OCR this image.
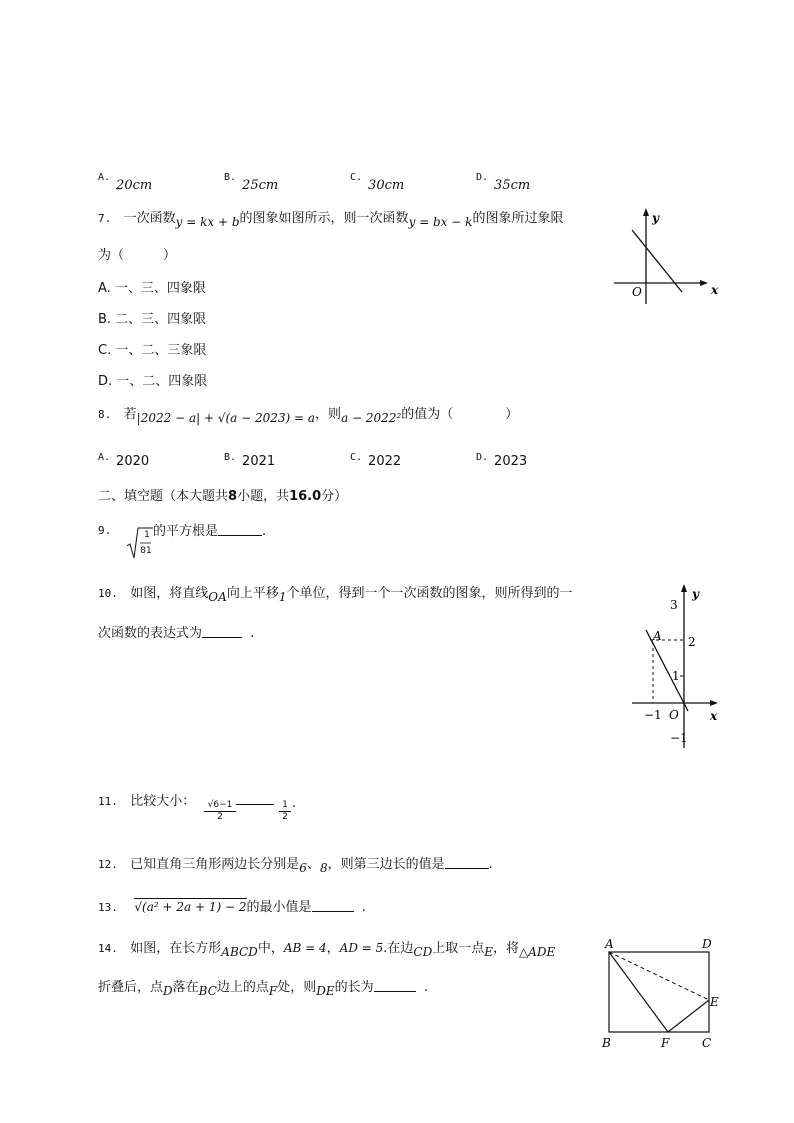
$^{A.}$20cm
$^{B.}$25cm
$^{C.}$30cm
$^{D.}$35cm
7. 一次函数y = kx + b的图象如图所示，则一次函数y = bx − k的图象所过象限
为（　　　）
A. 一、三、四象限
B. 二、三、四象限
C. 一、二、三象限
D. 一、二、四象限
y
x
O
8. 若|2022 − a| + √(a − 2023) = a，则a − 2022²的值为（　　　　）
$^{A.}$ 2020	$^{B.}$ 2021	$^{C.}$ 2022	$^{D.}$ 2023
二、填空题（本大题共8小题，共16.0分）
9.	1
81
的平方根是	.
10. 如图，将直线OA向上平移1个单位，得到一个一次函数的图象，则所得到的一
次函数的表达式为	.
y
3
2
1
−1
−1 O	x
A
11. 比较大小： $\frac{√6-1}{2}$	$\frac{1}{2}$ .
12. 已知直角三角形两边长分别是6、8，则第三边长的值是	.
13. √(a² + 2a + 1) − 2的最小值是	.
14. 如图，在长方形ABCD中，AB = 4，AD = 5.在边CD上取一点E，将△ADE
折叠后，点D落在BC边上的点F处，则DE的长为	.
A	D
E
B	F	C
